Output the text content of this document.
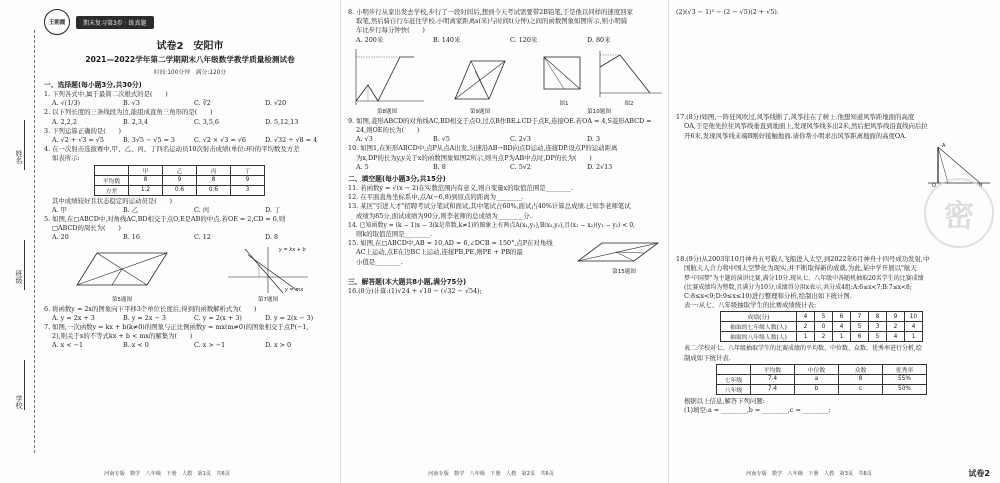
姓名
班级
学校
王朝霞	期末复习第3步 · 练真题
试卷2　安阳市
2021—2022学年第二学期期末八年级数学教学质量检测试卷
时间:100分钟　满分:120分
一、选择题(每小题3分,共30分)
1. 下列各式中,属于最简二次根式的是(　　)
A. √(1/3)	B. √3	C. ∛2	D. √20
2. 以下列长度的三条线段为边,能组成直角三角形的是(　　)
A. 2,2,2	B. 2,3,4	C. 3,5,6	D. 5,12,13
3. 下列运算正确的是(　　)
A. √2 + √3 = √5	B. 3√5 − √5 = 3	C. √2 × √3 = √6	D. √32 ÷ √8 = 4
4. 在一次射击选拔赛中,甲、乙、丙、丁四名运动员10次射击成绩(单位:环)的平均数及方差
如表所示:
	甲	乙	丙	丁
平均数	8	9	8	9
方差	1.2	0.6	0.6	3
其中成绩较好且状态稳定的运动员是(　　)
A. 甲	B. 乙	C. 丙	D. 丁
5. 如图,在□ABCD中,对角线AC,BD相交于点O,E是AB的中点.若OE = 2,CD = 6,则
□ABCD的周长为(　　)
A. 20	B. 16	C. 12	D. 8
第5题图
y = kx + b
y = mx
第7题图
6. 将函数y = 2x的图象向下平移3个单位长度后,得到的函数解析式为(　　)
A. y = 2x + 3	B. y = 2x − 3	C. y = 2(x + 3)	D. y = 2(x − 3)
7. 如图,一次函数y = kx + b(k≠0)的图象与正比例函数y = mx(m≠0)的图象相交于点P(−1,
2),则关于x的不等式kx + b < mx的解集为(　　)
A. x < −1	B. x < 0	C. x > −1	D. x > 0
河南专版　数学　八年级　下册　人教　第1页　共6页
8. 小明步行从家出发去学校,步行了一段时间后,想到今天考试需要带2B铅笔,于是他以同样的速度回家
取笔,然后骑自行车赶往学校.小明离家距离s(米)与时间t(分钟)之间的函数图象如图所示,则小明骑
车比步行每分钟快(　　)
A. 200米	B. 140米	C. 120米	D. 80米
第8题图	第9题图
图1	图2
第10题图
9. 如图,菱形ABCD的对角线AC,BD相交于点O,过点B作BE⊥CD于点E,连接OE.若OA = 4,S菱形ABCD =
24,则OE的长为(　　)
A. √3	B. √5	C. 2√3	D. 3
10. 如图1,在矩形ABCD中,点P从点A出发,匀速沿AB→BD向点D运动,连接DP.设点P的运动距离
为x,DP的长为y,y关于x的函数图象如图2所示,则当点P为AB中点时,DP的长为(　　)
A. 5	B. 8	C. 5√2	D. 2√13
二、填空题(每小题3分,共15分)
11. 若函数y = √(x − 2)在实数范围内有意义,则自变量x的取值范围是________.
12. 在平面直角坐标系中,点A(−6,8)到原点的距离为________.
13. 某区"引进人才"招聘考试分笔试和面试,其中笔试占60%,面试占40%计算总成绩.已知李老师笔试
成绩为85分,面试成绩为90分,则李老师的总成绩为________分.
14. 已知函数y = (k − 1)x − 3(k是常数,k≠1)的图象上有两点A(x₁,y₁),B(x₂,y₂),且(x₁ − x₂)(y₁ − y₂) < 0,
则k的取值范围是________.
15. 如图,在□ABCD中,AB = 10,AD = 6,∠DCB = 150°,点P在对角线
AC上运动,点E在边BC上运动,连接PB,PE,则PE + PB的最
小值是________.
第15题图
三、解答题(本大题共8小题,满分75分)
16.(8分)计算:(1)√24 + √18 − (√32 − √54);
河南专版　数学　八年级　下册　人教　第2页　共6页
(2)(√3 − 1)² − (2 − √5)(2 + √5).
17.(8分)如图,一阵狂风吹过,风筝线断了,风筝挂在了树上.他想知道风筝距地面的高度
OA,于是他先拉住风筝线垂直到地面上,发现风筝线多出2米,然后把风筝线沿直线向后拉
开6米,发现风筝线末端B刚好接触地面.请你帮小明求出风筝距离地面的高度OA.
A
O	B
密
18.(9分)从2003年10月神舟五号载人飞船进入太空,到2022年6月神舟十四号成功发射,中
国航天人合力将中国太空梦化为现实,并不断取得新的成就.为此,某中学开展以"航天
梦·中国梦"为主题的演讲比赛,满分10分.现从七、八年级中各随机抽取20名学生的比赛成绩
(比赛成绩均为整数,且满分为10分,成绩得分用x表示,共分成4组:A:6≤x<7;B:7≤x<8;
C:8≤x<9;D:9≤x≤10)进行整理和分析,绘制出如下统计图.
表一:从七、八年级抽取学生的比赛成绩统计表:
成绩(分)	4	5	6	7	8	9	10
抽取的七年级人数(人)	2	0	4	5	3	2	4
抽取的八年级人数(人)	1	2	1	6	5	4	1
表二:学校对七、八年级抽取学生的比赛成绩的平均数、中位数、众数、优秀率进行分析,绘
制成如下统计表.
	平均数	中位数	众数	优秀率
七年级	7.4	a	8	55%
八年级	7.4	b	c	50%
根据以上信息,解答下列问题:
(1)填空:a = ________,b = ________,c = ________;
河南专版　数学　八年级　下册　人教　第3页　共6页	试卷2
